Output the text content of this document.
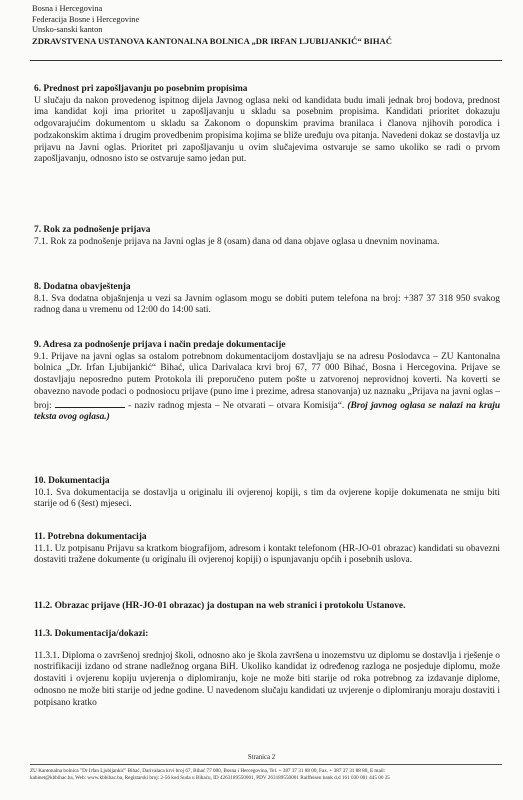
Bosna i Hercegovina
Federacija Bosne i Hercegovine
Unsko-sanski kanton
ZDRAVSTVENA USTANOVA KANTONALNA BOLNICA „DR IRFAN LJUBIJANKIĆ“ BIHAĆ

6. Prednost pri zapošljavanju po posebnim propisima

U slučaju da nakon provedenog ispitnog dijela Javnog oglasa neki od kandidata budu imali jednak broj bodova, prednost ima kandidat koji ima prioritet u zapošljavanju u skladu sa posebnim propisima. Kandidati prioritet dokazuju odgovarajućim dokumentom u skladu sa Zakonom o dopunskim pravima branilaca i članova njihovih porodica i podzakonskim aktima i drugim provedbenim propisima kojima se bliže uređuju ova pitanja. Navedeni dokaz se dostavlja uz prijavu na Javni oglas. Prioritet pri zapošljavanju u ovim slučajevima ostvaruje se samo ukoliko se radi o prvom zapošljavanju, odnosno isto se ostvaruje samo jedan put.

7. Rok za podnošenje prijava

7.1. Rok za podnošenje prijava na Javni oglas je 8 (osam) dana od dana objave oglasa u dnevnim novinama.

8. Dodatna obavještenja

8.1. Sva dodatna objašnjenja u vezi sa Javnim oglasom mogu se dobiti putem telefona na broj: +387 37 318 950 svakog radnog dana u vremenu od 12:00 do 14:00 sati.

9. Adresa za podnošenje prijava i način predaje dokumentacije

9.1. Prijave na javni oglas sa ostalom potrebnom dokumentacijom dostavljaju se na adresu Poslodavca – ZU Kantonalna bolnica „Dr. Irfan Ljubijankić“ Bihać, ulica Darivalaca krvi broj 67, 77 000 Bihać, Bosna i Hercegovina. Prijave se dostavljaju neposredno putem Protokola ili preporučeno putem pošte u zatvorenoj neprovidnoj koverti. Na koverti se obavezno navode podaci o podnosiocu prijave (puno ime i prezime, adresa stanovanja) uz naznaku „Prijava na javni oglas – broj:	- naziv radnog mjesta – Ne otvarati – otvara Komisija“. (Broj javnog oglasa se nalazi na kraju teksta ovog oglasa.)

10. Dokumentacija

10.1. Sva dokumentacija se dostavlja u originalu ili ovjerenoj kopiji, s tim da ovjerene kopije dokumenata ne smiju biti starije od 6 (šest) mjeseci.

11. Potrebna dokumentacija

11.1. Uz potpisanu Prijavu sa kratkom biografijom, adresom i kontakt telefonom (HR-JO-01 obrazac) kandidati su obavezni dostaviti tražene dokumente (u originalu ili ovjerenoj kopiji) o ispunjavanju općih i posebnih uslova.

11.2. Obrazac prijave (HR-JO-01 obrazac) ja dostupan na web stranici i protokolu Ustanove.

11.3. Dokumentacija/dokazi:

11.3.1. Diploma o završenoj srednjoj školi, odnosno ako je škola završena u inozemstvu uz diplomu se dostavlja i rješenje o nostrifikaciji izdano od strane nadležnog organa BiH. Ukoliko kandidat iz određenog razloga ne posjeduje diplomu, može dostaviti i ovjerenu kopiju uvjerenja o diplomiranju, koje ne može biti starije od roka potrebnog za izdavanje diplome, odnosno ne može biti starije od jedne godine. U navedenom slučaju kandidati uz uvjerenje o diplomiranju moraju dostaviti i potpisano kratko

Stranica 2
ZU Kantonalna bolnica "Dr Irfan Ljubijankić" Bihać, Darivalaca krvi broj 67, Bihać 77 000, Bosna i Hercegovina, Tel. + 387 37 31 88 00, Fax. + 387 37 31 88 80, E mail:
kabinet@kbbihac.ba, Web: www.kbbihac.ba, Registarski broj: 2-56 kod Suda u Bihaću, ID 4263189550001, PDV 263189550001 Raiffeisen bank d.d 161 030 001 445 00 35
